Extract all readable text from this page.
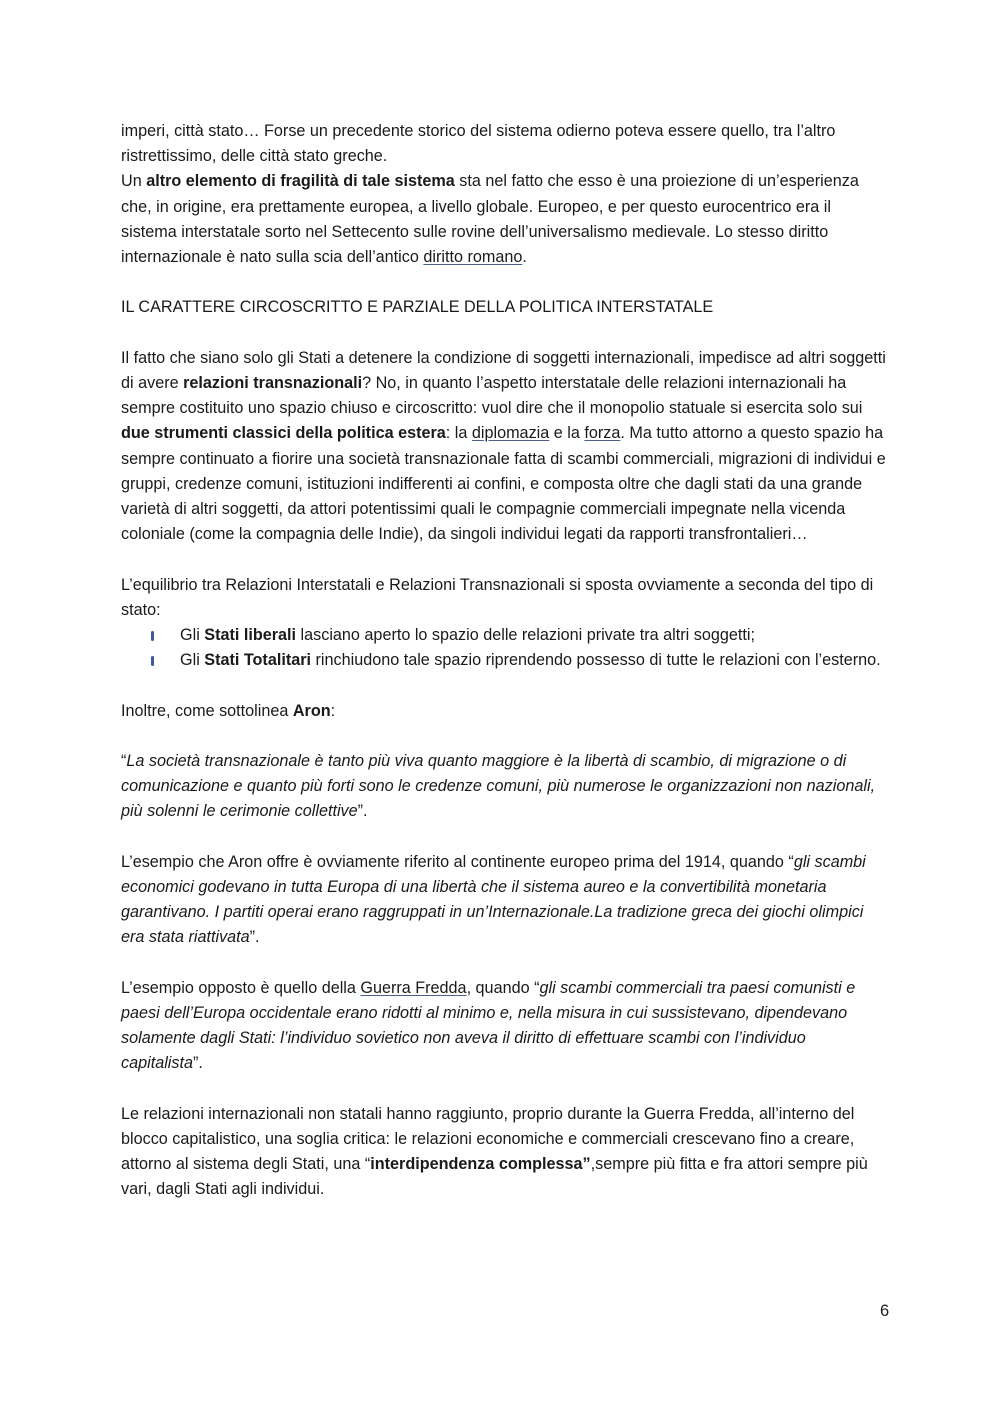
imperi, città stato… Forse un precedente storico del sistema odierno poteva essere quello, tra l’altro ristrettissimo, delle città stato greche.

Un altro elemento di fragilità di tale sistema sta nel fatto che esso è una proiezione di un’esperienza che, in origine, era prettamente europea, a livello globale. Europeo, e per questo eurocentrico era il sistema interstatale sorto nel Settecento sulle rovine dell’universalismo medievale. Lo stesso diritto internazionale è nato sulla scia dell’antico diritto romano.

IL CARATTERE CIRCOSCRITTO E PARZIALE DELLA POLITICA INTERSTATALE

Il fatto che siano solo gli Stati a detenere la condizione di soggetti internazionali, impedisce ad altri soggetti di avere relazioni transnazionali? No, in quanto l’aspetto interstatale delle relazioni internazionali ha sempre costituito uno spazio chiuso e circoscritto: vuol dire che il monopolio statuale si esercita solo sui due strumenti classici della politica estera: la diplomazia e la forza. Ma tutto attorno a questo spazio ha sempre continuato a fiorire una società transnazionale fatta di scambi commerciali, migrazioni di individui e gruppi, credenze comuni, istituzioni indifferenti ai confini, e composta oltre che dagli stati da una grande varietà di altri soggetti, da attori potentissimi quali le compagnie commerciali impegnate nella vicenda coloniale (come la compagnia delle Indie), da singoli individui legati da rapporti transfrontalieri…

L’equilibrio tra Relazioni Interstatali e Relazioni Transnazionali si sposta ovviamente a seconda del tipo di stato:

Gli Stati liberali lasciano aperto lo spazio delle relazioni private tra altri soggetti;
Gli Stati Totalitari rinchiudono tale spazio riprendendo possesso di tutte le relazioni con l’esterno.

Inoltre, come sottolinea Aron:

“La società transnazionale è tanto più viva quanto maggiore è la libertà di scambio, di migrazione o di comunicazione e quanto più forti sono le credenze comuni, più numerose le organizzazioni non nazionali, più solenni le cerimonie collettive”.

L’esempio che Aron offre è ovviamente riferito al continente europeo prima del 1914, quando “gli scambi economici godevano in tutta Europa di una libertà che il sistema aureo e la convertibilità monetaria garantivano. I partiti operai erano raggruppati in un’Internazionale.La tradizione greca dei giochi olimpici era stata riattivata”.

L’esempio opposto è quello della Guerra Fredda, quando “gli scambi commerciali tra paesi comunisti e paesi dell’Europa occidentale erano ridotti al minimo e, nella misura in cui sussistevano, dipendevano solamente dagli Stati: l’individuo sovietico non aveva il diritto di effettuare scambi con l’individuo capitalista”.

Le relazioni internazionali non statali hanno raggiunto, proprio durante la Guerra Fredda, all’interno del blocco capitalistico, una soglia critica: le relazioni economiche e commerciali crescevano fino a creare, attorno al sistema degli Stati, una “interdipendenza complessa”,sempre più fitta e fra attori sempre più vari, dagli Stati agli individui.

6
